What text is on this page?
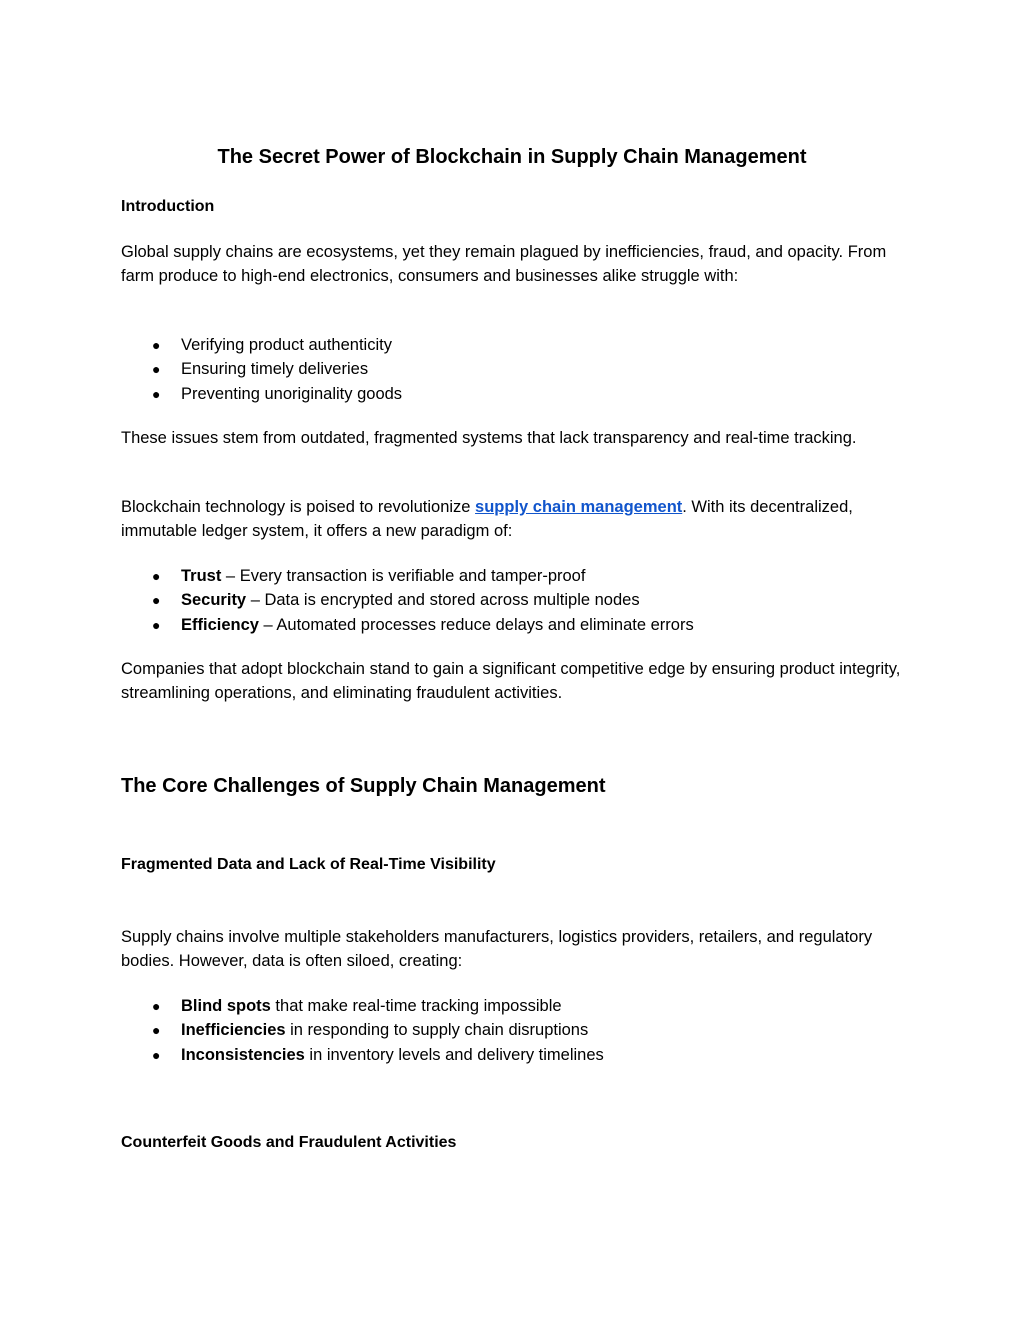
The Secret Power of Blockchain in Supply Chain Management
Introduction

Global supply chains are ecosystems, yet they remain plagued by inefficiencies, fraud, and opacity. From farm produce to high-end electronics, consumers and businesses alike struggle with:

● Verifying product authenticity
● Ensuring timely deliveries
● Preventing unoriginality goods

These issues stem from outdated, fragmented systems that lack transparency and real-time tracking.

Blockchain technology is poised to revolutionize supply chain management. With its decentralized, immutable ledger system, it offers a new paradigm of:

● Trust – Every transaction is verifiable and tamper-proof
● Security – Data is encrypted and stored across multiple nodes
● Efficiency – Automated processes reduce delays and eliminate errors

Companies that adopt blockchain stand to gain a significant competitive edge by ensuring product integrity, streamlining operations, and eliminating fraudulent activities.

The Core Challenges of Supply Chain Management
Fragmented Data and Lack of Real-Time Visibility

Supply chains involve multiple stakeholders manufacturers, logistics providers, retailers, and regulatory bodies. However, data is often siloed, creating:

● Blind spots that make real-time tracking impossible
● Inefficiencies in responding to supply chain disruptions
● Inconsistencies in inventory levels and delivery timelines
Counterfeit Goods and Fraudulent Activities
